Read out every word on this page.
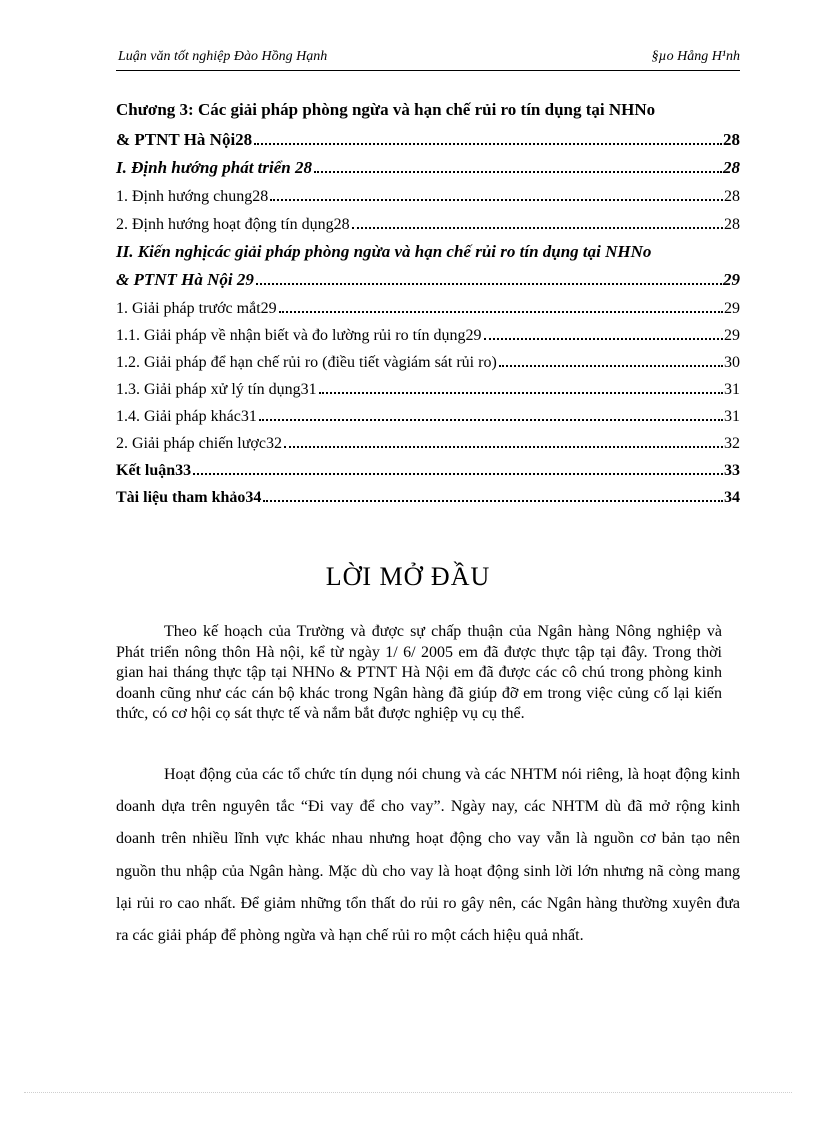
Luận văn tốt nghiệp Đào Hồng Hạnh	§µo Hång H¹nh
Chương 3: Các giải pháp phòng ngừa và hạn chế rủi ro tín dụng tại NHNo
& PTNT Hà Nội28	28
I. Định hướng phát triển 28	28
1. Định hướng chung28	28
2. Định hướng hoạt động tín dụng28	28
II. Kiến nghịcác giải pháp phòng ngừa và hạn chế rủi ro tín dụng tại NHNo
& PTNT Hà Nội 29	29
1. Giải pháp trước mắt29	29
1.1. Giải pháp về nhận biết và đo lường rủi ro tín dụng29	29
1.2. Giải pháp để hạn chế rủi ro (điều tiết vàgiám sát rủi ro)	30
1.3. Giải pháp xử lý tín dụng31	31
1.4. Giải pháp khác31	31
2. Giải pháp chiến lược32	32
Kết luận33	33
Tài liệu tham khảo34	34
LỜI MỞ ĐẦU

Theo kế hoạch của Trường và được sự chấp thuận của Ngân hàng Nông nghiệp và Phát triển nông thôn Hà nội, kể từ ngày 1/ 6/ 2005 em đã được thực tập tại đây. Trong thời gian hai tháng thực tập tại NHNo & PTNT Hà Nội em đã được các cô chú trong phòng kinh doanh cũng như các cán bộ khác trong Ngân hàng đã giúp đỡ em trong việc củng cố lại kiến thức, có cơ hội cọ sát thực tế và nắm bắt được nghiệp vụ cụ thể.

Hoạt động của các tổ chức tín dụng nói chung và các NHTM nói riêng, là hoạt động kinh doanh dựa trên nguyên tắc “Đi vay để cho vay”. Ngày nay, các NHTM dù đã mở rộng kinh doanh trên nhiều lĩnh vực khác nhau nhưng hoạt động cho vay vẫn là nguồn cơ bản tạo nên nguồn thu nhập của Ngân hàng. Mặc dù cho vay là hoạt động sinh lời lớn nhưng nã còng mang lại rủi ro cao nhất. Để giảm những tổn thất do rủi ro gây nên, các Ngân hàng thường xuyên đưa ra các giải pháp để phòng ngừa và hạn chế rủi ro một cách hiệu quả nhất.
